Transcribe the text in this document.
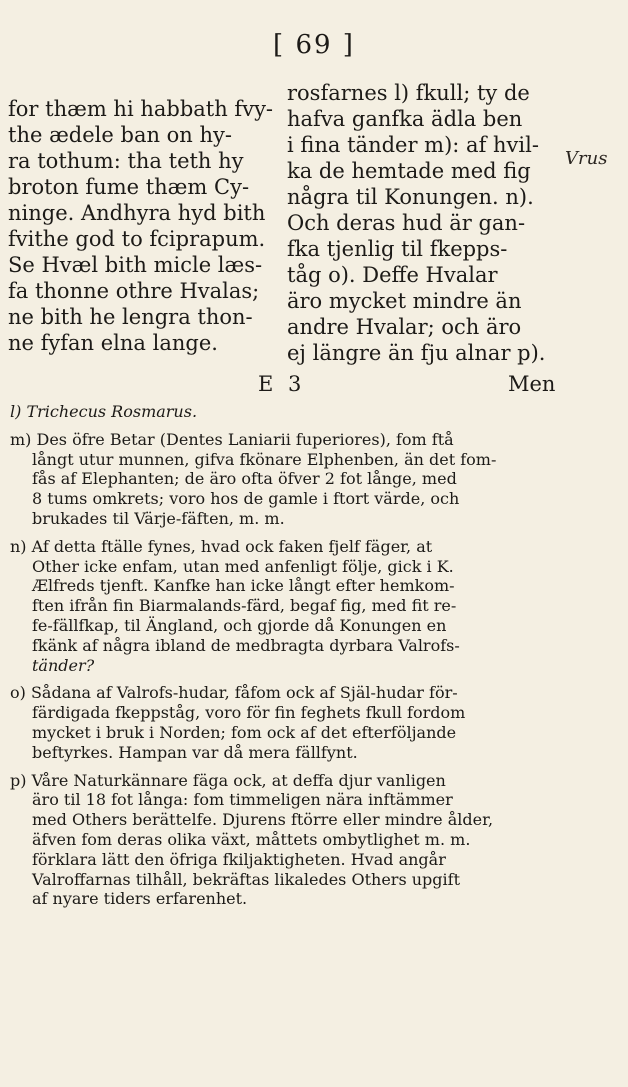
[ 69 ]
for thæm hi habbath fvy-
the ædele ban on hy-
ra tothum: tha teth hy
broton fume thæm Cy-
ninge. Andhyra hyd bith
fvithe god to fciprapum.
Se Hvæl bith micle læs-
fa thonne othre Hvalas;
ne bith he lengra thon-
ne fyfan elna lange.
rosfarnes l) fkull; ty de
hafva ganfka ädla ben
i fina tänder m): af hvil-
ka de hemtade med fig
några til Konungen. n).
Och deras hud är gan-
fka tjenlig til fkepps-
tåg o). Deffe Hvalar
äro mycket mindre än
andre Hvalar; och äro
ej längre än fju alnar p).
Vrus
E 3	Men
l) Trichecus Rosmarus.
m) Des öfre Betar (Dentes Laniarii fuperiores), fom ftå
långt utur munnen, gifva fkönare Elphenben, än det fom-
fås af Elephanten; de äro ofta öfver 2 fot långe, med
8 tums omkrets; voro hos de gamle i ftort värde, och
brukades til Värje-fäften, m. m.
n) Af detta ftälle fynes, hvad ock faken fjelf fäger, at
Other icke enfam, utan med anfenligt följe, gick i K.
Ælfreds tjenft. Kanfke han icke långt efter hemkom-
ften ifrån fin Biarmalands-färd, begaf fig, med fit re-
fe-fällfkap, til Ängland, och gjorde då Konungen en
fkänk af några ibland de medbragta dyrbara Valrofs-
tänder?
o) Sådana af Valrofs-hudar, fåfom ock af Själ-hudar för-
färdigada fkeppståg, voro för fin feghets fkull fordom
mycket i bruk i Norden; fom ock af det efterföljande
beftyrkes. Hampan var då mera fällfynt.
p) Våre Naturkännare fäga ock, at deffa djur vanligen
äro til 18 fot långa: fom timmeligen nära inftämmer
med Others berättelfe. Djurens ftörre eller mindre ålder,
äfven fom deras olika växt, måttets ombytlighet m. m.
förklara lätt den öfriga fkiljaktigheten. Hvad angår
Valroffarnas tilhåll, bekräftas likaledes Others upgift
af nyare tiders erfarenhet.
